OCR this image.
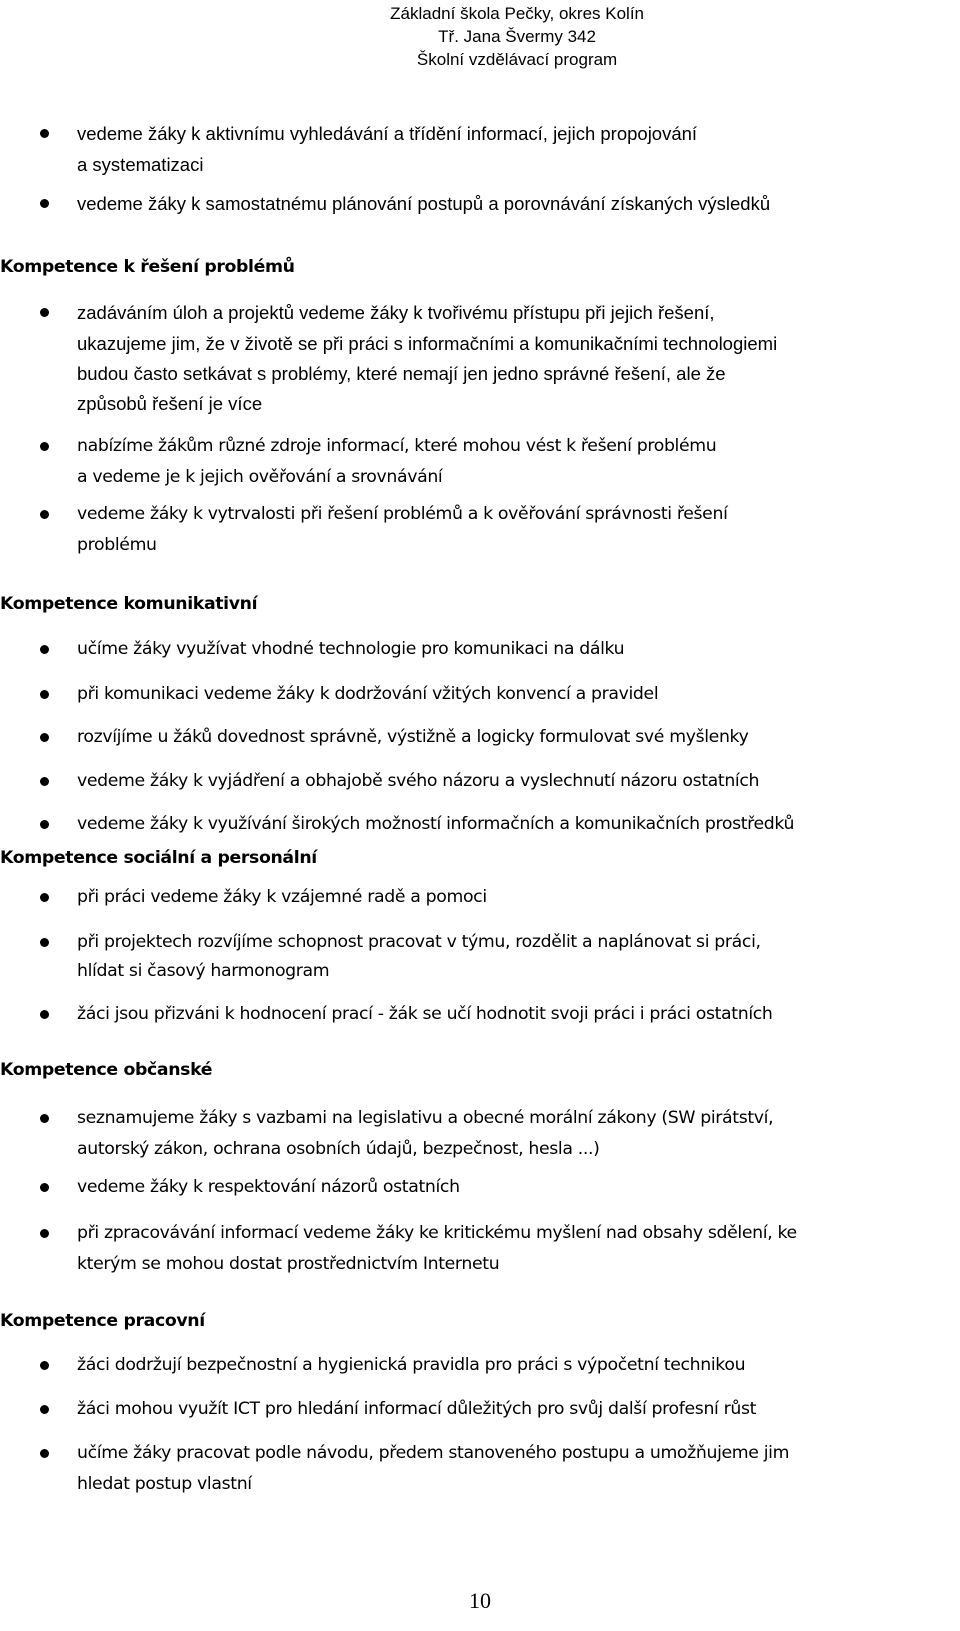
Základní škola Pečky, okres Kolín
Tř. Jana Švermy 342
Školní vzdělávací program
vedeme žáky k aktivnímu vyhledávání a třídění informací, jejich propojování
a systematizaci
vedeme žáky k samostatnému plánování postupů a porovnávání získaných výsledků
Kompetence k řešení problémů
zadáváním úloh a projektů vedeme žáky k tvořivému přístupu při jejich řešení,
ukazujeme jim, že v životě se při práci s informačními a komunikačními technologiemi
budou často setkávat s problémy, které nemají jen jedno správné řešení, ale že
způsobů řešení je více
nabízíme žákům různé zdroje informací, které mohou vést k řešení problému
a vedeme je k jejich ověřování a srovnávání
vedeme žáky k vytrvalosti při řešení problémů a k ověřování správnosti řešení
problému
Kompetence komunikativní
učíme žáky využívat vhodné technologie pro komunikaci na dálku
při komunikaci vedeme žáky k dodržování vžitých konvencí a pravidel
rozvíjíme u žáků dovednost správně, výstižně a logicky formulovat své myšlenky
vedeme žáky k vyjádření a obhajobě svého názoru a vyslechnutí názoru ostatních
vedeme žáky k využívání širokých možností informačních a komunikačních prostředků
Kompetence sociální a personální
při práci vedeme žáky k vzájemné radě a pomoci
při projektech rozvíjíme schopnost pracovat v týmu, rozdělit a naplánovat si práci,
hlídat si časový harmonogram
žáci jsou přizváni k hodnocení prací - žák se učí hodnotit svoji práci i práci ostatních
Kompetence občanské
seznamujeme žáky s vazbami na legislativu a obecné morální zákony (SW pirátství,
autorský zákon, ochrana osobních údajů, bezpečnost, hesla ...)
vedeme žáky k respektování názorů ostatních
při zpracovávání informací vedeme žáky ke kritickému myšlení nad obsahy sdělení, ke
kterým se mohou dostat prostřednictvím Internetu
Kompetence pracovní
žáci dodržují bezpečnostní a hygienická pravidla pro práci s výpočetní technikou
žáci mohou využít ICT pro hledání informací důležitých pro svůj další profesní růst
učíme žáky pracovat podle návodu, předem stanoveného postupu a umožňujeme jim
hledat postup vlastní
10
